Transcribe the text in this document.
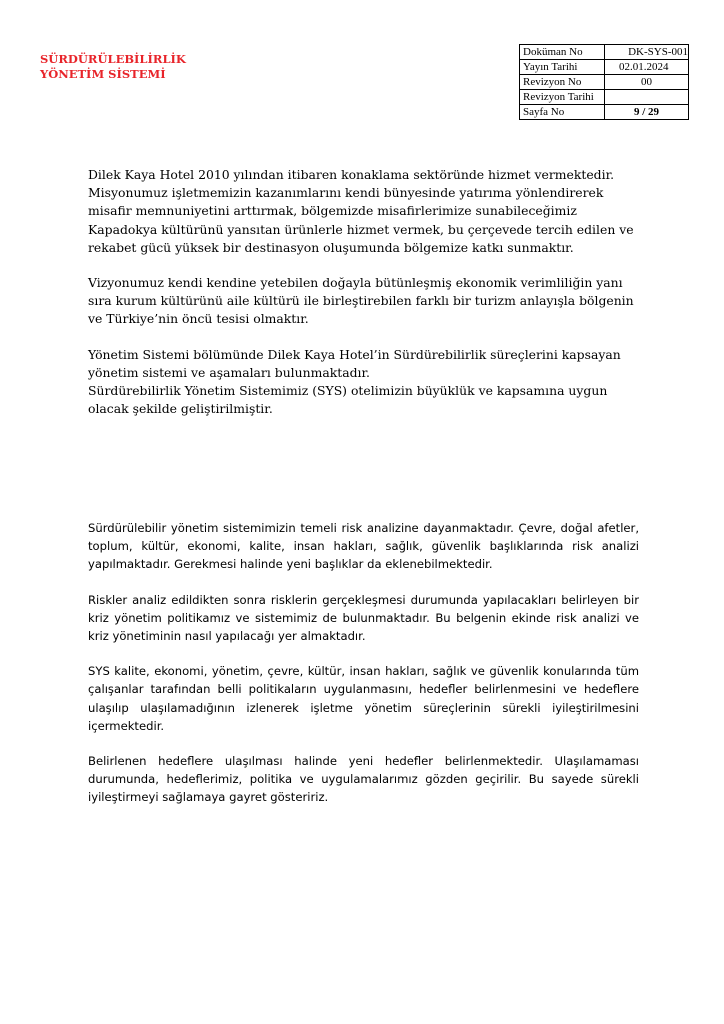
SÜRDÜRÜLEBİLİRLİK
YÖNETİM SİSTEMİ
Doküman No	DK-SYS-001
Yayın Tarihi	02.01.2024
Revizyon No	00
Revizyon Tarihi	
Sayfa No	9 / 29

Dilek Kaya Hotel 2010 yılından itibaren konaklama sektöründe hizmet vermektedir. Misyonumuz işletmemizin kazanımlarını kendi bünyesinde yatırıma yönlendirerek misafir memnuniyetini arttırmak, bölgemizde misafirlerimize sunabileceğimiz Kapadokya kültürünü yansıtan ürünlerle hizmet vermek, bu çerçevede tercih edilen ve rekabet gücü yüksek bir destinasyon oluşumunda bölgemize katkı sunmaktır.

Vizyonumuz kendi kendine yetebilen doğayla bütünleşmiş ekonomik verimliliğin yanı sıra kurum kültürünü aile kültürü ile birleştirebilen farklı bir turizm anlayışla bölgenin ve Türkiye’nin öncü tesisi olmaktır.

Yönetim Sistemi bölümünde Dilek Kaya Hotel’in Sürdürebilirlik süreçlerini kapsayan yönetim sistemi ve aşamaları bulunmaktadır.

Sürdürebilirlik Yönetim Sistemimiz (SYS) otelimizin büyüklük ve kapsamına uygun olacak şekilde geliştirilmiştir.

Sürdürülebilir yönetim sistemimizin temeli risk analizine dayanmaktadır. Çevre, doğal afetler, toplum, kültür, ekonomi, kalite, insan hakları, sağlık, güvenlik başlıklarında risk analizi yapılmaktadır. Gerekmesi halinde yeni başlıklar da eklenebilmektedir.

Riskler analiz edildikten sonra risklerin gerçekleşmesi durumunda yapılacakları belirleyen bir kriz yönetim politikamız ve sistemimiz de bulunmaktadır. Bu belgenin ekinde risk analizi ve kriz yönetiminin nasıl yapılacağı yer almaktadır.

SYS kalite, ekonomi, yönetim, çevre, kültür, insan hakları, sağlık ve güvenlik konularında tüm çalışanlar tarafından belli politikaların uygulanmasını, hedefler belirlenmesini ve hedeflere ulaşılıp ulaşılamadığının izlenerek işletme yönetim süreçlerinin sürekli iyileştirilmesini içermektedir.

Belirlenen hedeflere ulaşılması halinde yeni hedefler belirlenmektedir. Ulaşılamaması durumunda, hedeflerimiz, politika ve uygulamalarımız gözden geçirilir. Bu sayede sürekli iyileştirmeyi sağlamaya gayret gösteririz.
